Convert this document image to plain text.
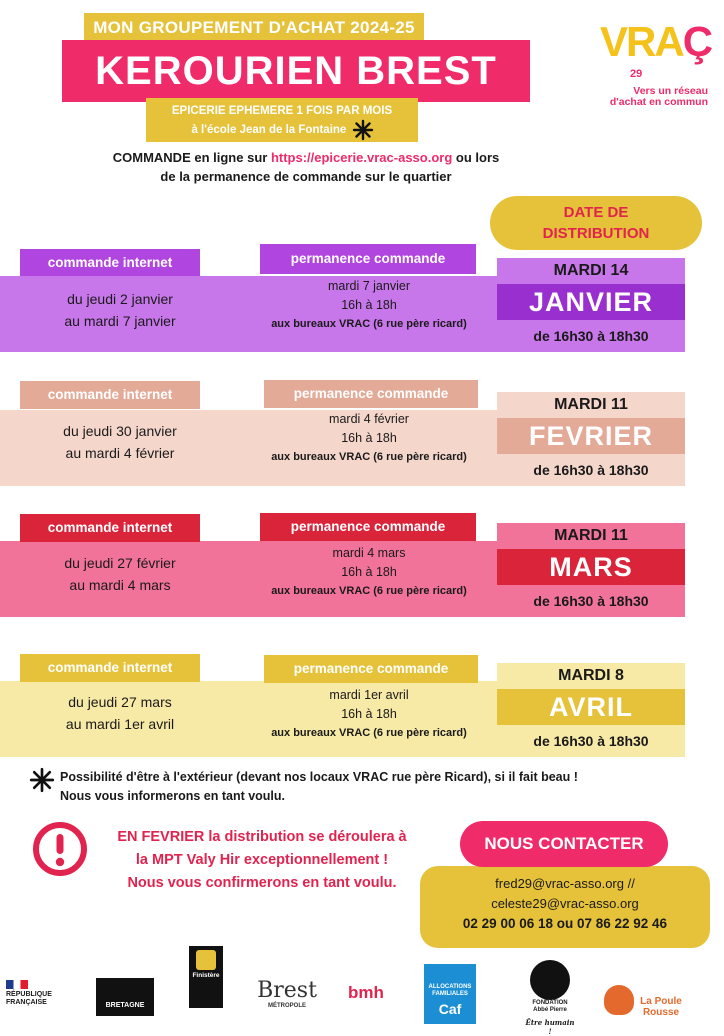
MON GROUPEMENT D'ACHAT 2024-25
KEROURIEN BREST
EPICERIE EPHEMERE 1 FOIS PAR MOIS
à l'école Jean de la Fontaine
VRAÇ
29
Vers un réseau
d'achat en commun
COMMANDE en ligne sur https://epicerie.vrac-asso.org ou lors
de la permanence de commande sur le quartier
DATE DE
DISTRIBUTION
commande internet	permanence commande
du jeudi 2 janvier
au mardi 7 janvier
mardi 7 janvier
16h à 18h
aux bureaux VRAC (6 rue père ricard)
MARDI 14
JANVIER
de 16h30 à 18h30
commande internet	permanence commande
du jeudi 30 janvier
au mardi 4 février
mardi 4 février
16h à 18h
aux bureaux VRAC (6 rue père ricard)
MARDI 11
FEVRIER
de 16h30 à 18h30
commande internet	permanence commande
du jeudi 27 février
au mardi 4 mars
mardi 4 mars
16h à 18h
aux bureaux VRAC (6 rue père ricard)
MARDI 11
MARS
de 16h30 à 18h30
commande internet	permanence commande
du jeudi 27 mars
au mardi 1er avril
mardi 1er avril
16h à 18h
aux bureaux VRAC (6 rue père ricard)
MARDI 8
AVRIL
de 16h30 à 18h30
Possibilité d'être à l'extérieur (devant nos locaux VRAC rue père Ricard), si il fait beau !
Nous vous informerons en tant voulu.
EN FEVRIER la distribution se déroulera à
la MPT Valy Hir exceptionnellement !
Nous vous confirmerons en tant voulu.
NOUS CONTACTER
fred29@vrac-asso.org //
celeste29@vrac-asso.org
02 29 00 06 18 ou 07 86 22 92 46
RÉPUBLIQUE
FRANÇAISE	BRETAGNE
Finistère
Brest
MÉTROPOLE
bmh	ALLOCATIONS
FAMILIALES
Caf	FONDATION
Abbé Pierre
Être humain !
La Poule
Rousse
